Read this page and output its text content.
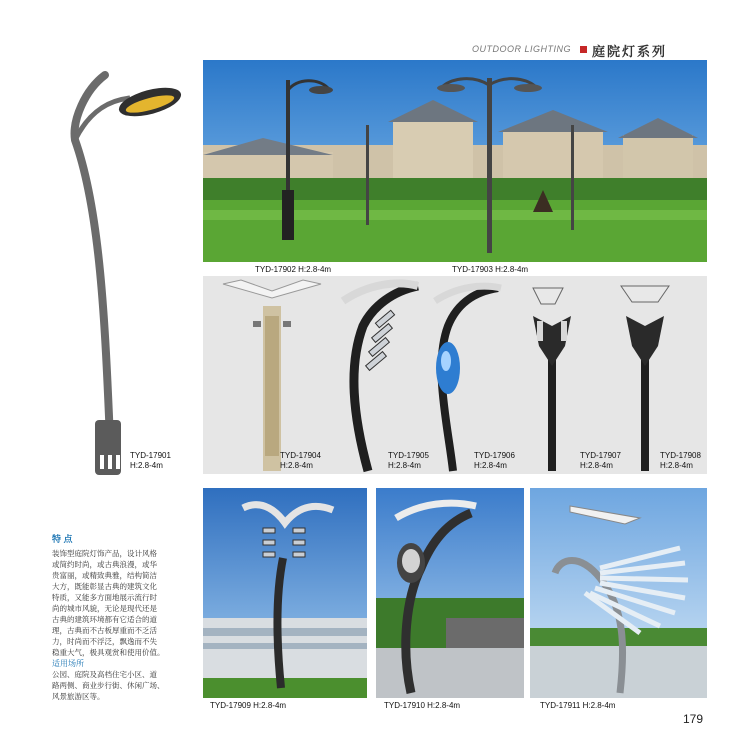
OUTDOOR LIGHTING 庭院灯系列
TYD-17901
H:2.8-4m
TYD-17902 H:2.8-4m	TYD-17903 H:2.8-4m
TYD-17904
H:2.8-4m
TYD-17905
H:2.8-4m
TYD-17906
H:2.8-4m
TYD-17907
H:2.8-4m
TYD-17908
H:2.8-4m
特 点
装饰型庭院灯饰产品，设计风格
或简约时尚，或古典浪漫，或华
贵富丽，或精致典雅，结构简洁
大方，既能彰显古典的建筑文化
特质，又能多方面地展示流行时
尚的城市风貌，无论是现代还是
古典的建筑环境都有它适合的道
理，古典而不古板厚重而不乏活
力，时尚而不浮泛，飘逸而不失
稳重大气，极具观赏和使用价值。
适用场所
公园、庭院及高档住宅小区、道
路两侧、商业步行街、休闲广场、
风景旅游区等。
TYD-17909 H:2.8-4m	TYD-17910 H:2.8-4m	TYD-17911 H:2.8-4m
179
